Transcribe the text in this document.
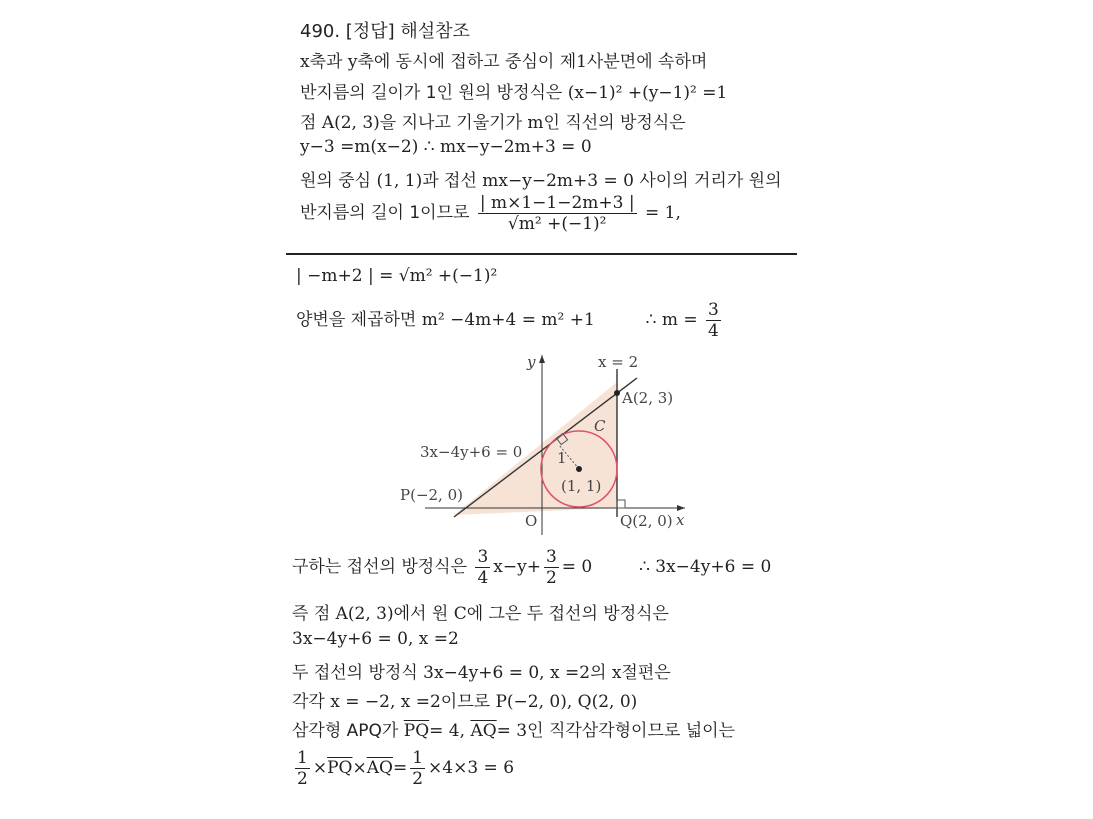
490. [정답] 해설참조
x축과 y축에 동시에 접하고 중심이 제1사분면에 속하며
반지름의 길이가 1인 원의 방정식은 (x−1)² +(y−1)² =1
점 A(2, 3)을 지나고 기울기가 m인 직선의 방정식은
y−3 =m(x−2) ∴ mx−y−2m+3 = 0
원의 중심 (1, 1)과 접선 mx−y−2m+3 = 0 사이의 거리가 원의
반지름의 길이 1이므로 $\frac{| m\times 1-1-2m+3 |}{\text{√m² +(−1)²}} = 1$,
| −m+2 | = √m² +(−1)²
양변을 제곱하면 m² −4m+4 = m² +1	∴ $m = \frac{3}{4}$
y
x
x = 2
A(2, 3)
C
3x−4y+6 = 0 1
(1, 1)
P(−2, 0)
O	Q(2, 0)
구하는 접선의 방정식은 $\frac{3}{4} x-y+ \frac{3}{2} = 0$	∴ 3x−4y+6 = 0
즉 점 A(2, 3)에서 원 C에 그은 두 접선의 방정식은
3x−4y+6 = 0, x =2
두 접선의 방정식 3x−4y+6 = 0, x =2의 x절편은
각각 x = −2, x =2이므로 P(−2, 0), Q(2, 0)
삼각형 APQ가 $\overline{PQ}= 4$, $\overline{AQ}= 3$인 직각삼각형이므로 넓이는
$\frac{1}{2} \times\overline{PQ}\times\overline{AQ}= \frac{1}{2} \times 4\times 3 = 6$
